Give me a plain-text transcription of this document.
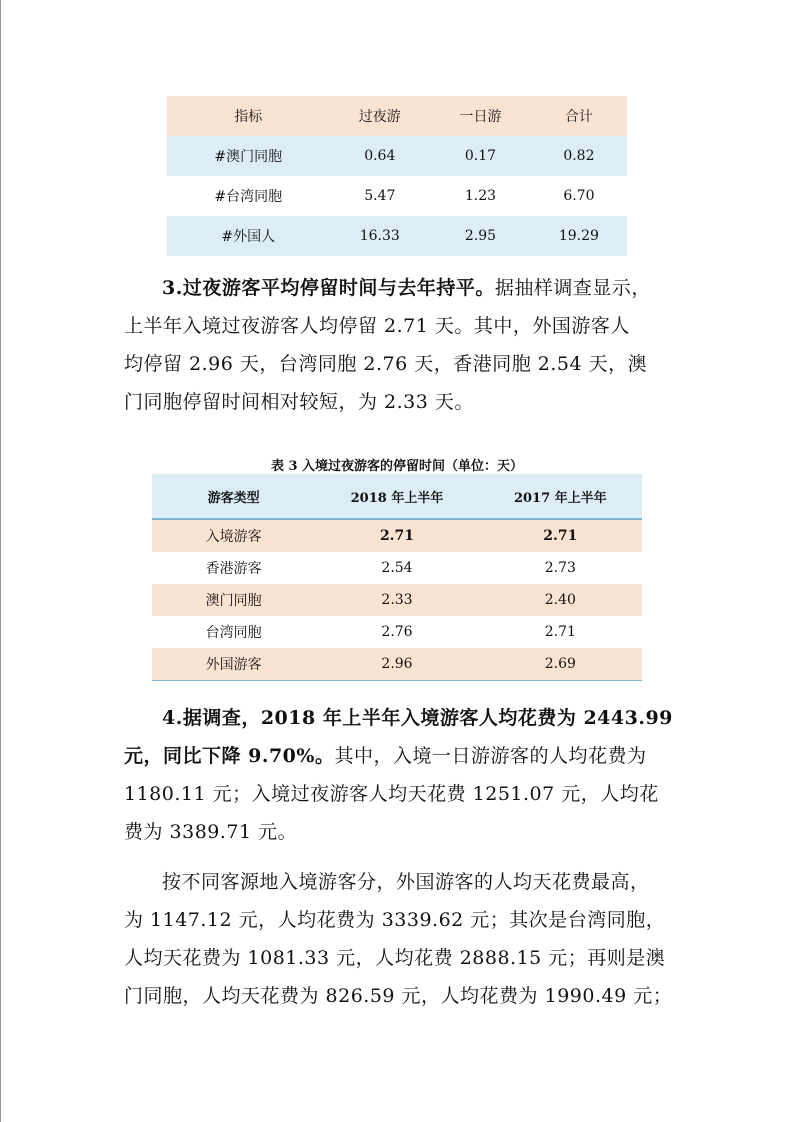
指标	过夜游	一日游	合计
#澳门同胞	0.64	0.17	0.82
#台湾同胞	5.47	1.23	6.70
#外国人	16.33	2.95	19.29
3.过夜游客平均停留时间与去年持平。据抽样调查显示，
上半年入境过夜游客人均停留 2.71 天。其中，外国游客人
均停留 2.96 天，台湾同胞 2.76 天，香港同胞 2.54 天，澳
门同胞停留时间相对较短，为 2.33 天。
表 3 入境过夜游客的停留时间（单位：天）
游客类型	2018 年上半年	2017 年上半年
入境游客	2.71	2.71
香港游客	2.54	2.73
澳门同胞	2.33	2.40
台湾同胞	2.76	2.71
外国游客	2.96	2.69
4.据调查，2018 年上半年入境游客人均花费为 2443.99
元，同比下降 9.70%。其中，入境一日游游客的人均花费为
1180.11 元；入境过夜游客人均天花费 1251.07 元，人均花
费为 3389.71 元。
按不同客源地入境游客分，外国游客的人均天花费最高，
为 1147.12 元，人均花费为 3339.62 元；其次是台湾同胞，
人均天花费为 1081.33 元，人均花费 2888.15 元；再则是澳
门同胞，人均天花费为 826.59 元，人均花费为 1990.49 元；
